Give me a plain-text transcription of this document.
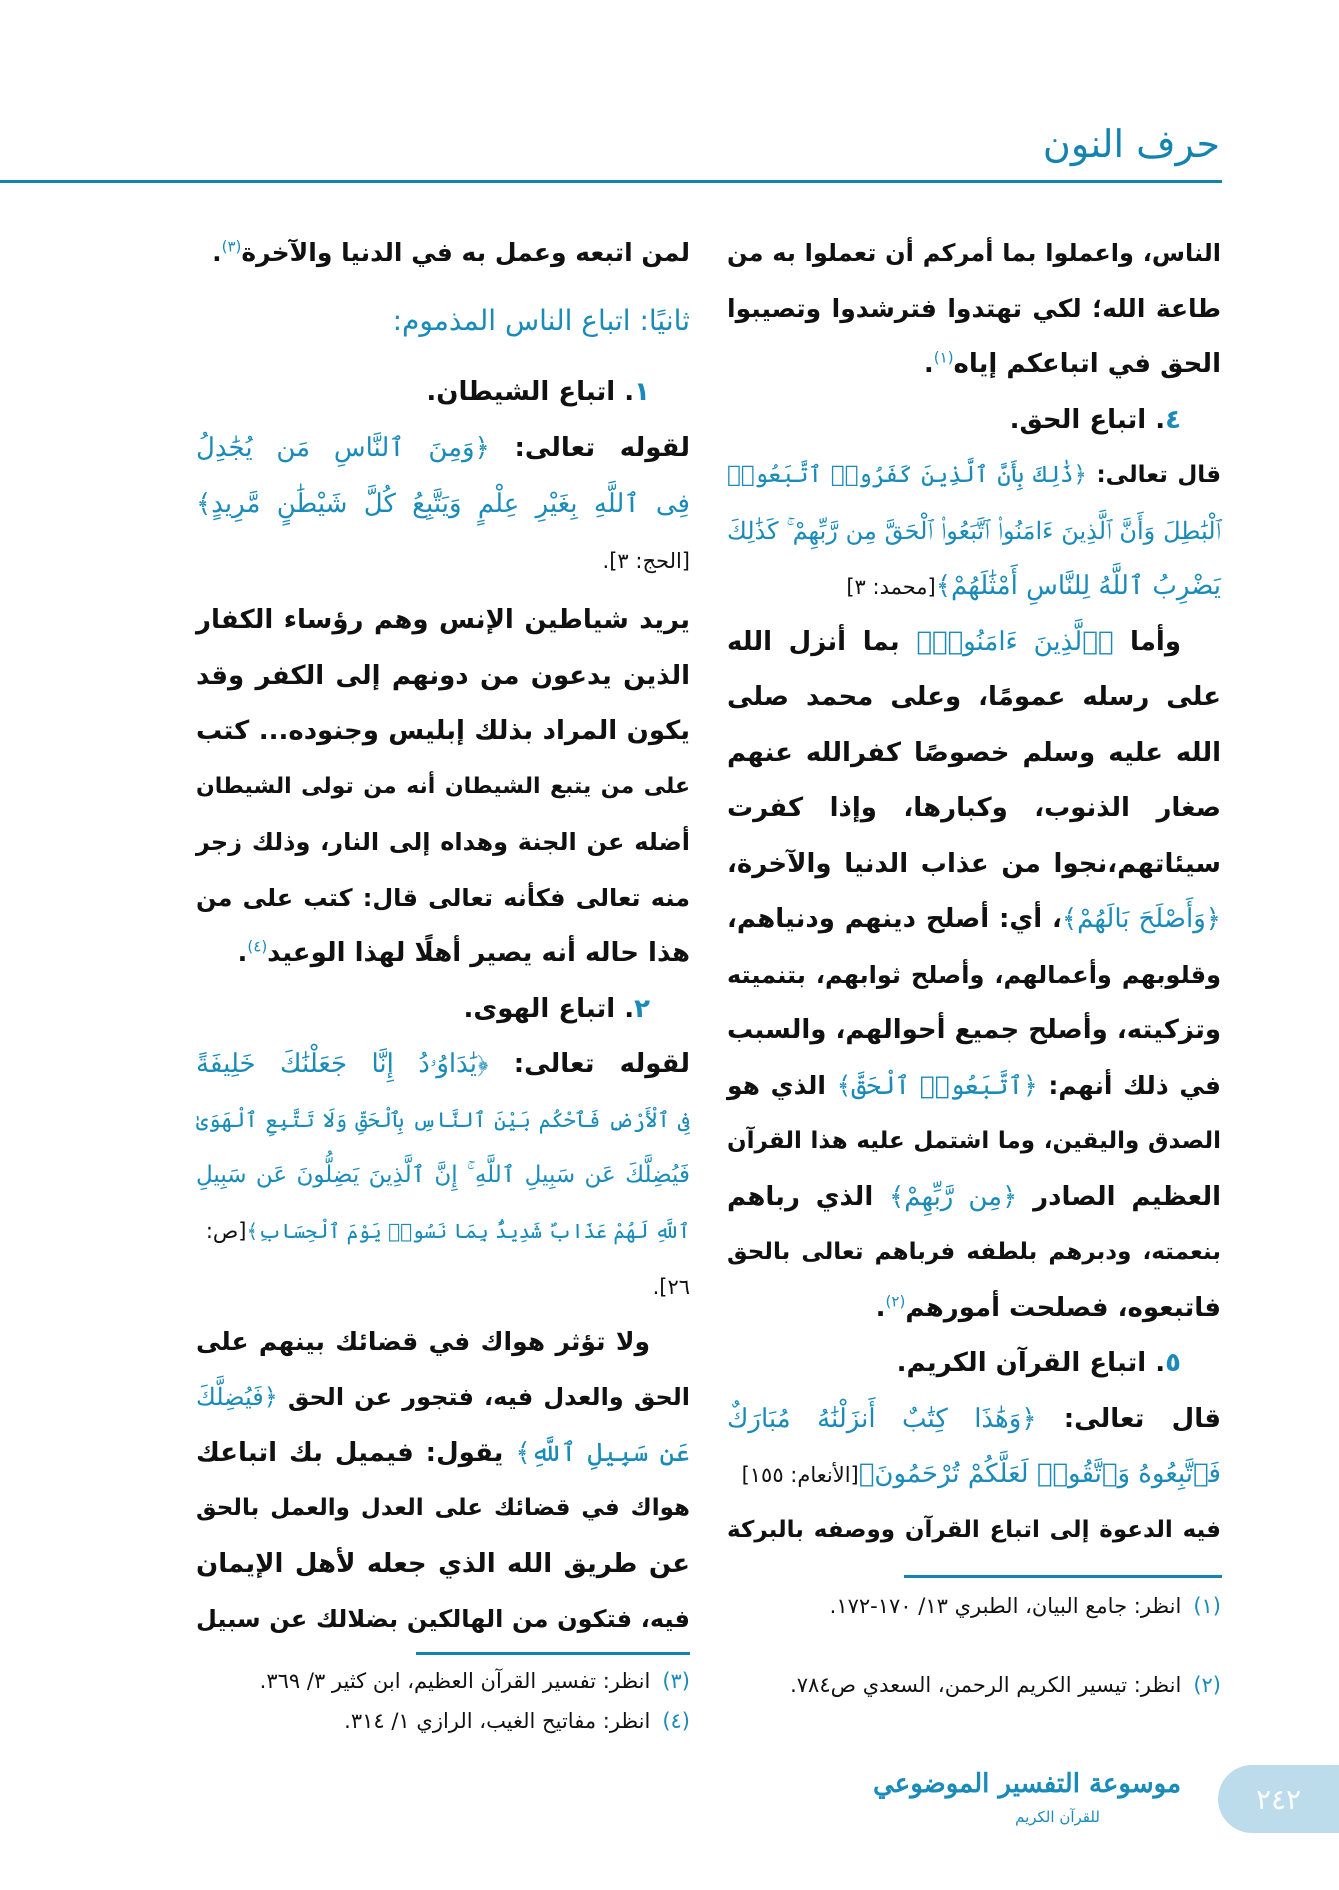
حرف النون
الناس، واعملوا بما أمركم أن تعملوا به من
طاعة الله؛ لكي تهتدوا فترشدوا وتصيبوا
الحق في اتباعكم إياه$^{(١)}$.
٤. اتباع الحق.
قال تعالى: ﴿ذَٰلِكَ بِأَنَّ ٱلَّذِينَ كَفَرُوا۟ ٱتَّبَعُوا۟
ٱلْبَٰطِلَ وَأَنَّ ٱلَّذِينَ ءَامَنُوا۟ ٱتَّبَعُوا۟ ٱلْحَقَّ مِن رَّبِّهِمْ ۚ كَذَٰلِكَ
يَضْرِبُ ٱللَّهُ لِلنَّاسِ أَمْثَٰلَهُمْ﴾[محمد: ٣]
وأما ﴿ٱلَّذِينَ ءَامَنُوا۟﴾ بما أنزل الله
على رسله عمومًا، وعلى محمد صلى
الله عليه وسلم خصوصًا كفرالله عنهم
صغار الذنوب، وكبارها، وإذا كفرت
سيئاتهم،نجوا من عذاب الدنيا والآخرة،
﴿وَأَصْلَحَ بَالَهُمْ﴾، أي: أصلح دينهم ودنياهم،
وقلوبهم وأعمالهم، وأصلح ثوابهم، بتنميته
وتزكيته، وأصلح جميع أحوالهم، والسبب
في ذلك أنهم: ﴿ٱتَّبَعُوا۟ ٱلْحَقَّ﴾ الذي هو
الصدق واليقين، وما اشتمل عليه هذا القرآن
العظيم الصادر ﴿مِن رَّبِّهِمْ﴾ الذي رباهم
بنعمته، ودبرهم بلطفه فرباهم تعالى بالحق
فاتبعوه، فصلحت أمورهم$^{(٢)}$.
٥. اتباع القرآن الكريم.
قال تعالى: ﴿وَهَٰذَا كِتَٰبٌ أَنزَلْنَٰهُ مُبَارَكٌ
فَٱتَّبِعُوهُ وَٱتَّقُوا۟ لَعَلَّكُمْ تُرْحَمُونَ﴾[الأنعام: ١٥٥]
فيه الدعوة إلى اتباع القرآن ووصفه بالبركة
لمن اتبعه وعمل به في الدنيا والآخرة$^{(٣)}$.
ثانيًا: اتباع الناس المذموم:
١. اتباع الشيطان.
لقوله تعالى: ﴿وَمِنَ ٱلنَّاسِ مَن يُجَٰدِلُ
فِى ٱللَّهِ بِغَيْرِ عِلْمٍ وَيَتَّبِعُ كُلَّ شَيْطَٰنٍ مَّرِيدٍ﴾
[الحج: ٣].
يريد شياطين الإنس وهم رؤساء الكفار
الذين يدعون من دونهم إلى الكفر وقد
يكون المراد بذلك إبليس وجنوده... كتب
على من يتبع الشيطان أنه من تولى الشيطان
أضله عن الجنة وهداه إلى النار، وذلك زجر
منه تعالى فكأنه تعالى قال: كتب على من
هذا حاله أنه يصير أهلًا لهذا الوعيد$^{(٤)}$.
٢. اتباع الهوى.
لقوله تعالى: ﴿يَٰدَاوُۥدُ إِنَّا جَعَلْنَٰكَ خَلِيفَةً
فِى ٱلْأَرْضِ فَٱحْكُم بَيْنَ ٱلنَّاسِ بِٱلْحَقِّ وَلَا تَتَّبِعِ ٱلْهَوَىٰ
فَيُضِلَّكَ عَن سَبِيلِ ٱللَّهِ ۚ إِنَّ ٱلَّذِينَ يَضِلُّونَ عَن سَبِيلِ
ٱللَّهِ لَهُمْ عَذَابٌ شَدِيدٌۢ بِمَا نَسُوا۟ يَوْمَ ٱلْحِسَابِ﴾[ص:
٢٦].
ولا تؤثر هواك في قضائك بينهم على
الحق والعدل فيه، فتجور عن الحق ﴿فَيُضِلَّكَ
عَن سَبِيلِ ٱللَّهِ﴾ يقول: فيميل بك اتباعك
هواك في قضائك على العدل والعمل بالحق
عن طريق الله الذي جعله لأهل الإيمان
فيه، فتكون من الهالكين بضلالك عن سبيل	(١)انظر: جامع البيان، الطبري ١٣/ ١٧٠-١٧٢.
(٢)انظر: تيسير الكريم الرحمن، السعدي ص٧٨٤.
(٣)انظر: تفسير القرآن العظيم، ابن كثير ٣/ ٣٦٩.
(٤)انظر: مفاتيح الغيب، الرازي ١/ ٣١٤.
موسوعة التفسير الموضوعي
للقرآن الكريم
٢٤٢
